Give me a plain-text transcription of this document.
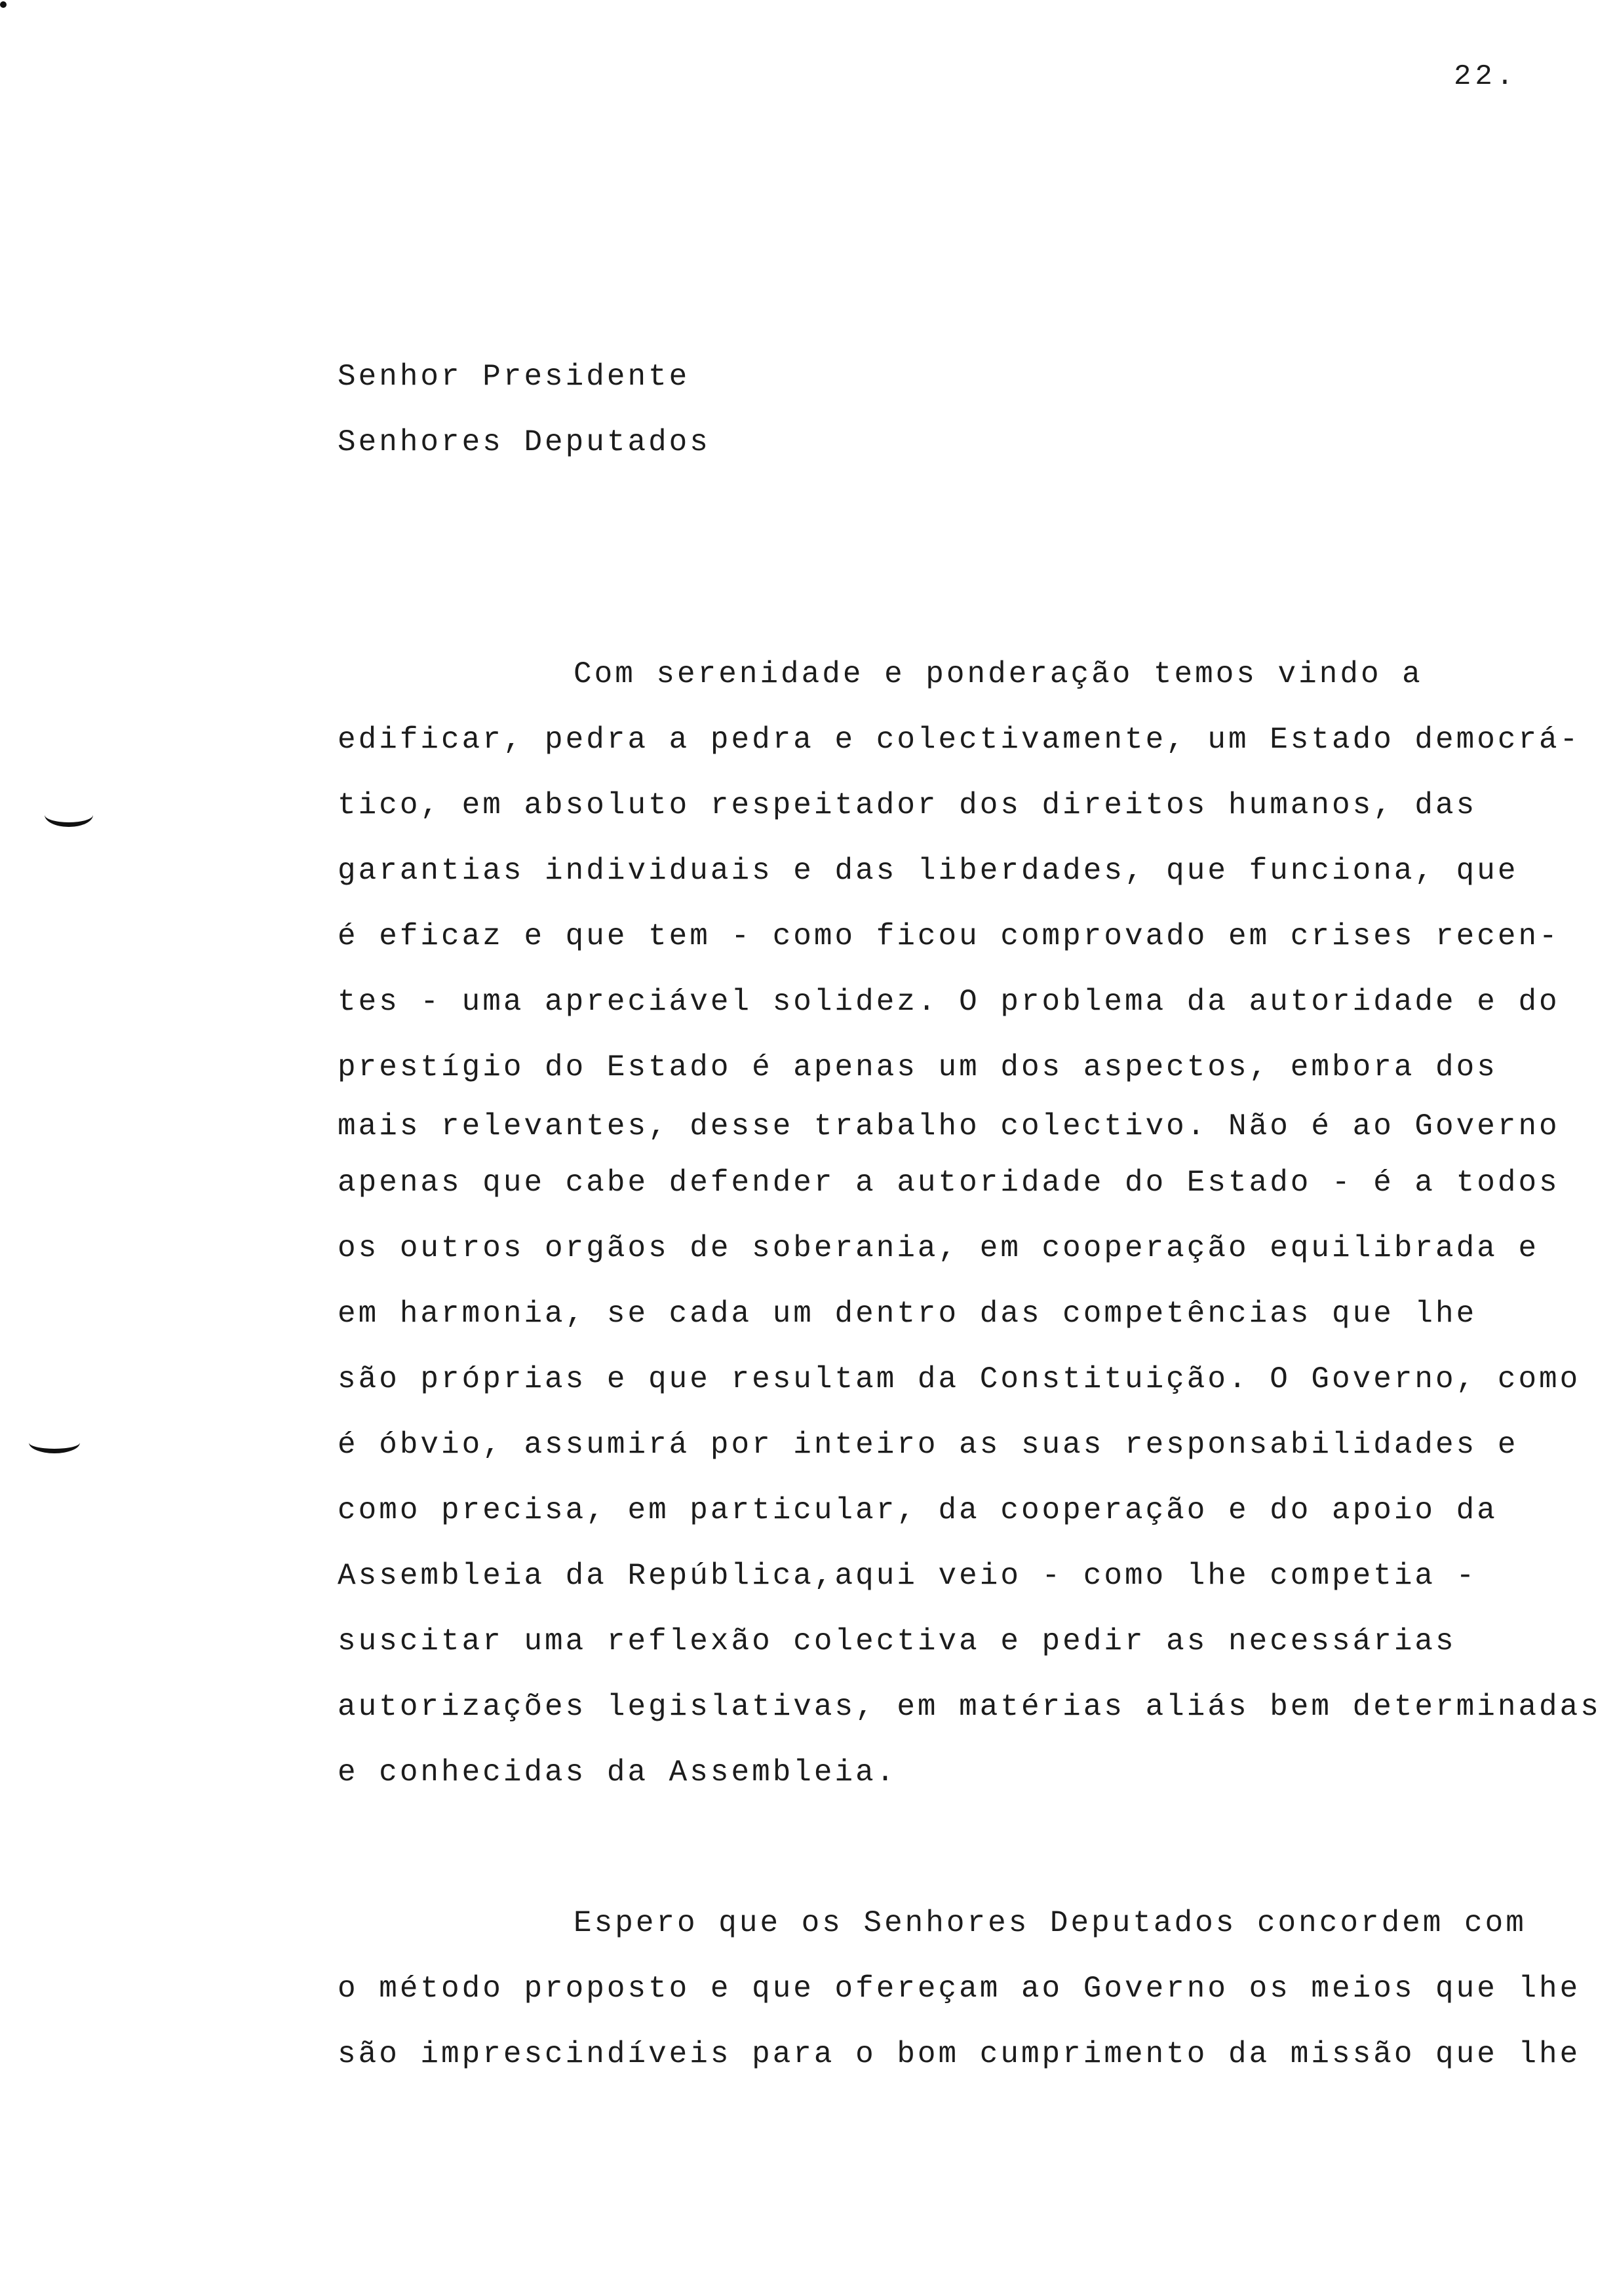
22.
Senhor Presidente
Senhores Deputados
Com serenidade e ponderação temos vindo a
edificar, pedra a pedra e colectivamente, um Estado democrá-
tico, em absoluto respeitador dos direitos humanos, das
garantias individuais e das liberdades, que funciona, que
é eficaz e que tem - como ficou comprovado em crises recen-
tes - uma apreciável solidez. O problema da autoridade e do
prestígio do Estado é apenas um dos aspectos, embora dos
mais relevantes, desse trabalho colectivo. Não é ao Governo
apenas que cabe defender a autoridade do Estado - é a todos
os outros orgãos de soberania, em cooperação equilibrada e
em harmonia, se cada um dentro das competências que lhe
são próprias e que resultam da Constituição. O Governo, como
é óbvio, assumirá por inteiro as suas responsabilidades e
como precisa, em particular, da cooperação e do apoio da
Assembleia da República,aqui veio - como lhe competia -
suscitar uma reflexão colectiva e pedir as necessárias
autorizações legislativas, em matérias aliás bem determinadas
e conhecidas da Assembleia.
Espero que os Senhores Deputados concordem com
o método proposto e que ofereçam ao Governo os meios que lhe
são imprescindíveis para o bom cumprimento da missão que lhe
